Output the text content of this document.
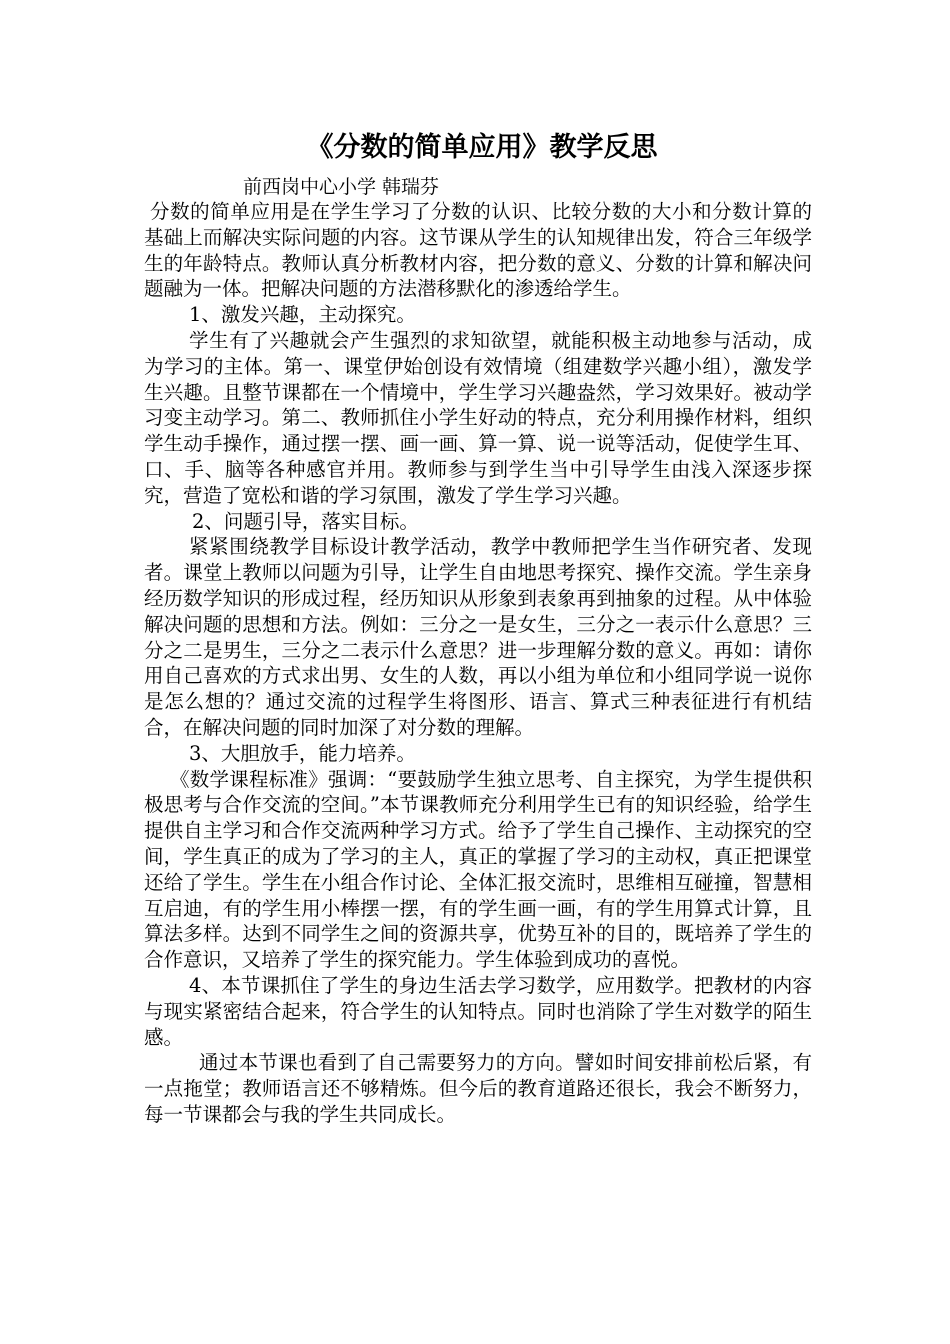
《分数的简单应用》教学反思
前西岗中心小学 韩瑞芬

分数的简单应用是在学生学习了分数的认识、比较分数的大小和分数计算的基础上而解决实际问题的内容。这节课从学生的认知规律出发，符合三年级学生的年龄特点。教师认真分析教材内容，把分数的意义、分数的计算和解决问题融为一体。把解决问题的方法潜移默化的渗透给学生。

1、激发兴趣，主动探究。

学生有了兴趣就会产生强烈的求知欲望，就能积极主动地参与活动，成为学习的主体。第一、课堂伊始创设有效情境（组建数学兴趣小组），激发学生兴趣。且整节课都在一个情境中，学生学习兴趣盎然，学习效果好。被动学习变主动学习。第二、教师抓住小学生好动的特点，充分利用操作材料，组织学生动手操作，通过摆一摆、画一画、算一算、说一说等活动，促使学生耳、口、手、脑等各种感官并用。教师参与到学生当中引导学生由浅入深逐步探究，营造了宽松和谐的学习氛围，激发了学生学习兴趣。

2、问题引导，落实目标。

紧紧围绕教学目标设计教学活动，教学中教师把学生当作研究者、发现者。课堂上教师以问题为引导，让学生自由地思考探究、操作交流。学生亲身经历数学知识的形成过程，经历知识从形象到表象再到抽象的过程。从中体验解决问题的思想和方法。例如：三分之一是女生，三分之一表示什么意思？三分之二是男生，三分之二表示什么意思？进一步理解分数的意义。再如：请你用自己喜欢的方式求出男、女生的人数，再以小组为单位和小组同学说一说你是怎么想的？通过交流的过程学生将图形、语言、算式三种表征进行有机结合，在解决问题的同时加深了对分数的理解。

3、大胆放手，能力培养。

《数学课程标准》强调：“要鼓励学生独立思考、自主探究，为学生提供积极思考与合作交流的空间。”本节课教师充分利用学生已有的知识经验，给学生提供自主学习和合作交流两种学习方式。给予了学生自己操作、主动探究的空间，学生真正的成为了学习的主人，真正的掌握了学习的主动权，真正把课堂还给了学生。学生在小组合作讨论、全体汇报交流时，思维相互碰撞，智慧相互启迪，有的学生用小棒摆一摆，有的学生画一画，有的学生用算式计算，且算法多样。达到不同学生之间的资源共享，优势互补的目的，既培养了学生的合作意识，又培养了学生的探究能力。学生体验到成功的喜悦。

4、本节课抓住了学生的身边生活去学习数学，应用数学。把教材的内容与现实紧密结合起来，符合学生的认知特点。同时也消除了学生对数学的陌生感。

通过本节课也看到了自己需要努力的方向。譬如时间安排前松后紧，有一点拖堂；教师语言还不够精炼。但今后的教育道路还很长，我会不断努力，每一节课都会与我的学生共同成长。
